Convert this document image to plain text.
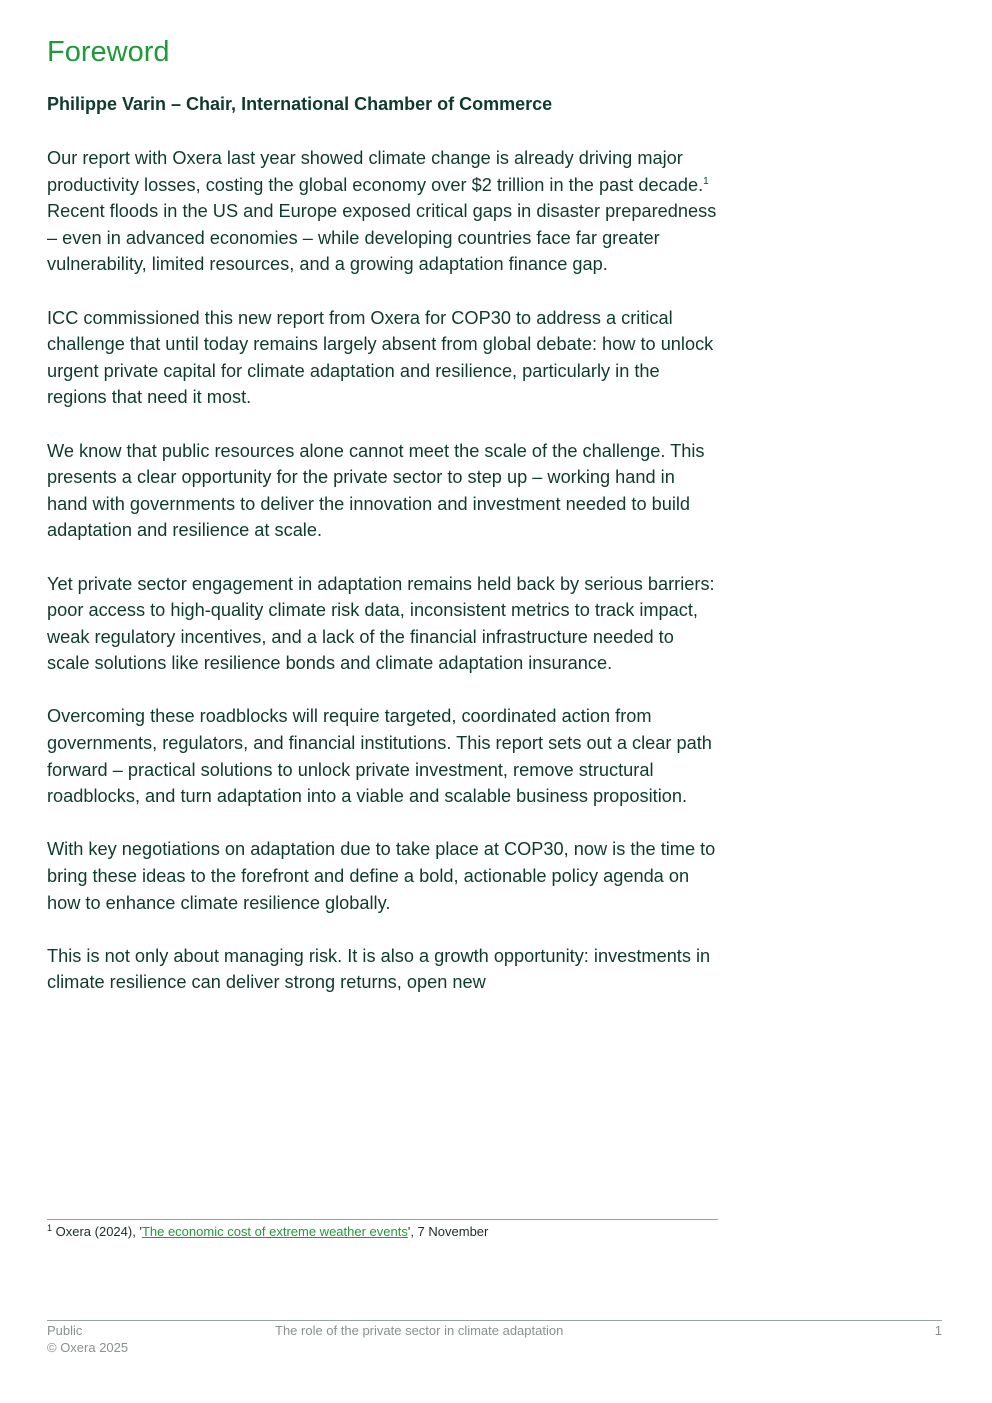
Foreword
Philippe Varin – Chair, International Chamber of Commerce

Our report with Oxera last year showed climate change is already driving major productivity losses, costing the global economy over $2 trillion in the past decade.$^1$ Recent floods in the US and Europe exposed critical gaps in disaster preparedness – even in advanced economies – while developing countries face far greater vulnerability, limited resources, and a growing adaptation finance gap.

ICC commissioned this new report from Oxera for COP30 to address a critical challenge that until today remains largely absent from global debate: how to unlock urgent private capital for climate adaptation and resilience, particularly in the regions that need it most.

We know that public resources alone cannot meet the scale of the challenge. This presents a clear opportunity for the private sector to step up – working hand in hand with governments to deliver the innovation and investment needed to build adaptation and resilience at scale.

Yet private sector engagement in adaptation remains held back by serious barriers: poor access to high-quality climate risk data, inconsistent metrics to track impact, weak regulatory incentives, and a lack of the financial infrastructure needed to scale solutions like resilience bonds and climate adaptation insurance.

Overcoming these roadblocks will require targeted, coordinated action from governments, regulators, and financial institutions. This report sets out a clear path forward – practical solutions to unlock private investment, remove structural roadblocks, and turn adaptation into a viable and scalable business proposition.

With key negotiations on adaptation due to take place at COP30, now is the time to bring these ideas to the forefront and define a bold, actionable policy agenda on how to enhance climate resilience globally.

This is not only about managing risk. It is also a growth opportunity: investments in climate resilience can deliver strong returns, open new

$^1$ Oxera (2024), 'The economic cost of extreme weather events', 7 November
Public
© Oxera 2025
The role of the private sector in climate adaptation	1
